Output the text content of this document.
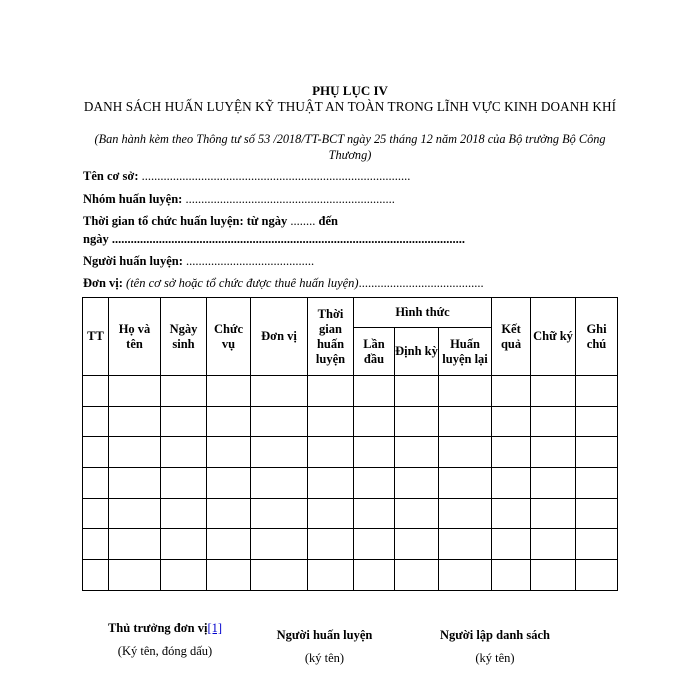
PHỤ LỤC IV
DANH SÁCH HUẤN LUYỆN KỸ THUẬT AN TOÀN TRONG LĨNH VỰC KINH DOANH KHÍ
(Ban hành kèm theo Thông tư số 53 /2018/TT-BCT ngày 25 tháng 12 năm 2018 của Bộ trưởng Bộ Công Thương)
Tên cơ sở: ......................................................................................
Nhóm huấn luyện: ...................................................................
Thời gian tổ chức huấn luyện: từ ngày ........ đến
ngày .................................................................................................................
Người huấn luyện: .........................................
Đơn vị: (tên cơ sở hoặc tổ chức được thuê huấn luyện)........................................
TT	Họ và tên	Ngày sinh	Chức vụ	Đơn vị	Thời gian huấn luyện	Hình thức			Kết quả	Chữ ký	Ghi chú
						Lần đầu	Định kỳ	Huấn luyện lại			

Thủ trưởng đơn vị[1]
(Ký tên, đóng dấu)
Người huấn luyện
(ký tên)
Người lập danh sách
(ký tên)
